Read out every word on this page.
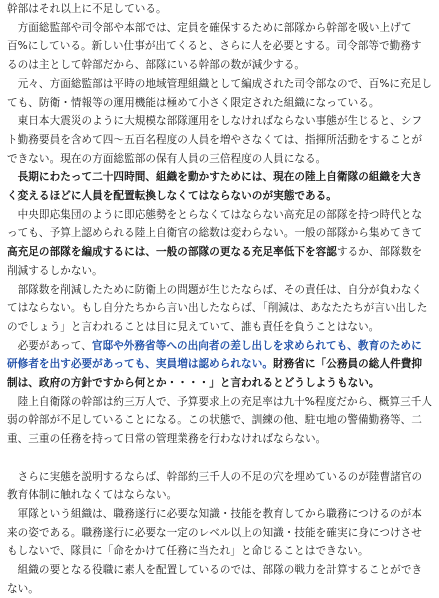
幹部はそれ以上に不足している。

　方面総監部や司令部や本部では、定員を確保するために部隊から幹部を吸い上げて百%にしている。新しい仕事が出てくると、さらに人を必要とする。司令部等で勤務するのは主として幹部だから、部隊にいる幹部の数が減少する。

　元々、方面総監部は平時の地域管理組織として編成された司令部なので、百%に充足しても、防衛・情報等の運用機能は極めて小さく限定された組織になっている。

　東日本大震災のように大規模な部隊運用をしなければならない事態が生じると、シフト勤務要員を含めて四～五百名程度の人員を増やさなくては、指揮所活動をすることができない。現在の方面総監部の保有人員の三倍程度の人員になる。

　長期にわたって二十四時間、組織を動かすためには、現在の陸上自衛隊の組織を大きく変えるほどに人員を配置転換しなくてはならないのが実態である。

　中央即応集団のように即応態勢をとらなくてはならない高充足の部隊を持つ時代となっても、予算上認められる陸上自衛官の総数は変わらない。一般の部隊から集めてきて高充足の部隊を編成するには、一般の部隊の更なる充足率低下を容認するか、部隊数を削減するしかない。

　部隊数を削減したために防衛上の問題が生じたならば、その責任は、自分が負わなくてはならない。もし自分たちから言い出したならば、「削減は、あなたたちが言い出したのでしょう」と言われることは目に見えていて、誰も責任を負うことはない。

　必要があって、官邸や外務省等への出向者の差し出しを求められても、教育のために研修者を出す必要があっても、実員増は認められない。財務省に「公務員の総人件費抑制は、政府の方針ですから何とか・・・・」と言われるとどうしようもない。

　陸上自衛隊の幹部は約三万人で、予算要求上の充足率は九十%程度だから、概算三千人弱の幹部が不足していることになる。この状態で、訓練の他、駐屯地の警備勤務等、二重、三重の任務を持って日常の管理業務を行わなければならない。

　さらに実態を説明するならば、幹部約三千人の不足の穴を埋めているのが陸曹諸官の教育体制に触れなくてはならない。

　軍隊という組織は、職務遂行に必要な知識・技能を教育してから職務につけるのが本来の姿である。職務遂行に必要な一定のレベル以上の知識・技能を確実に身につけさせもしないで、隊員に「命をかけて任務に当たれ」と命じることはできない。

　組織の要となる役職に素人を配置しているのでは、部隊の戦力を計算することができない。
